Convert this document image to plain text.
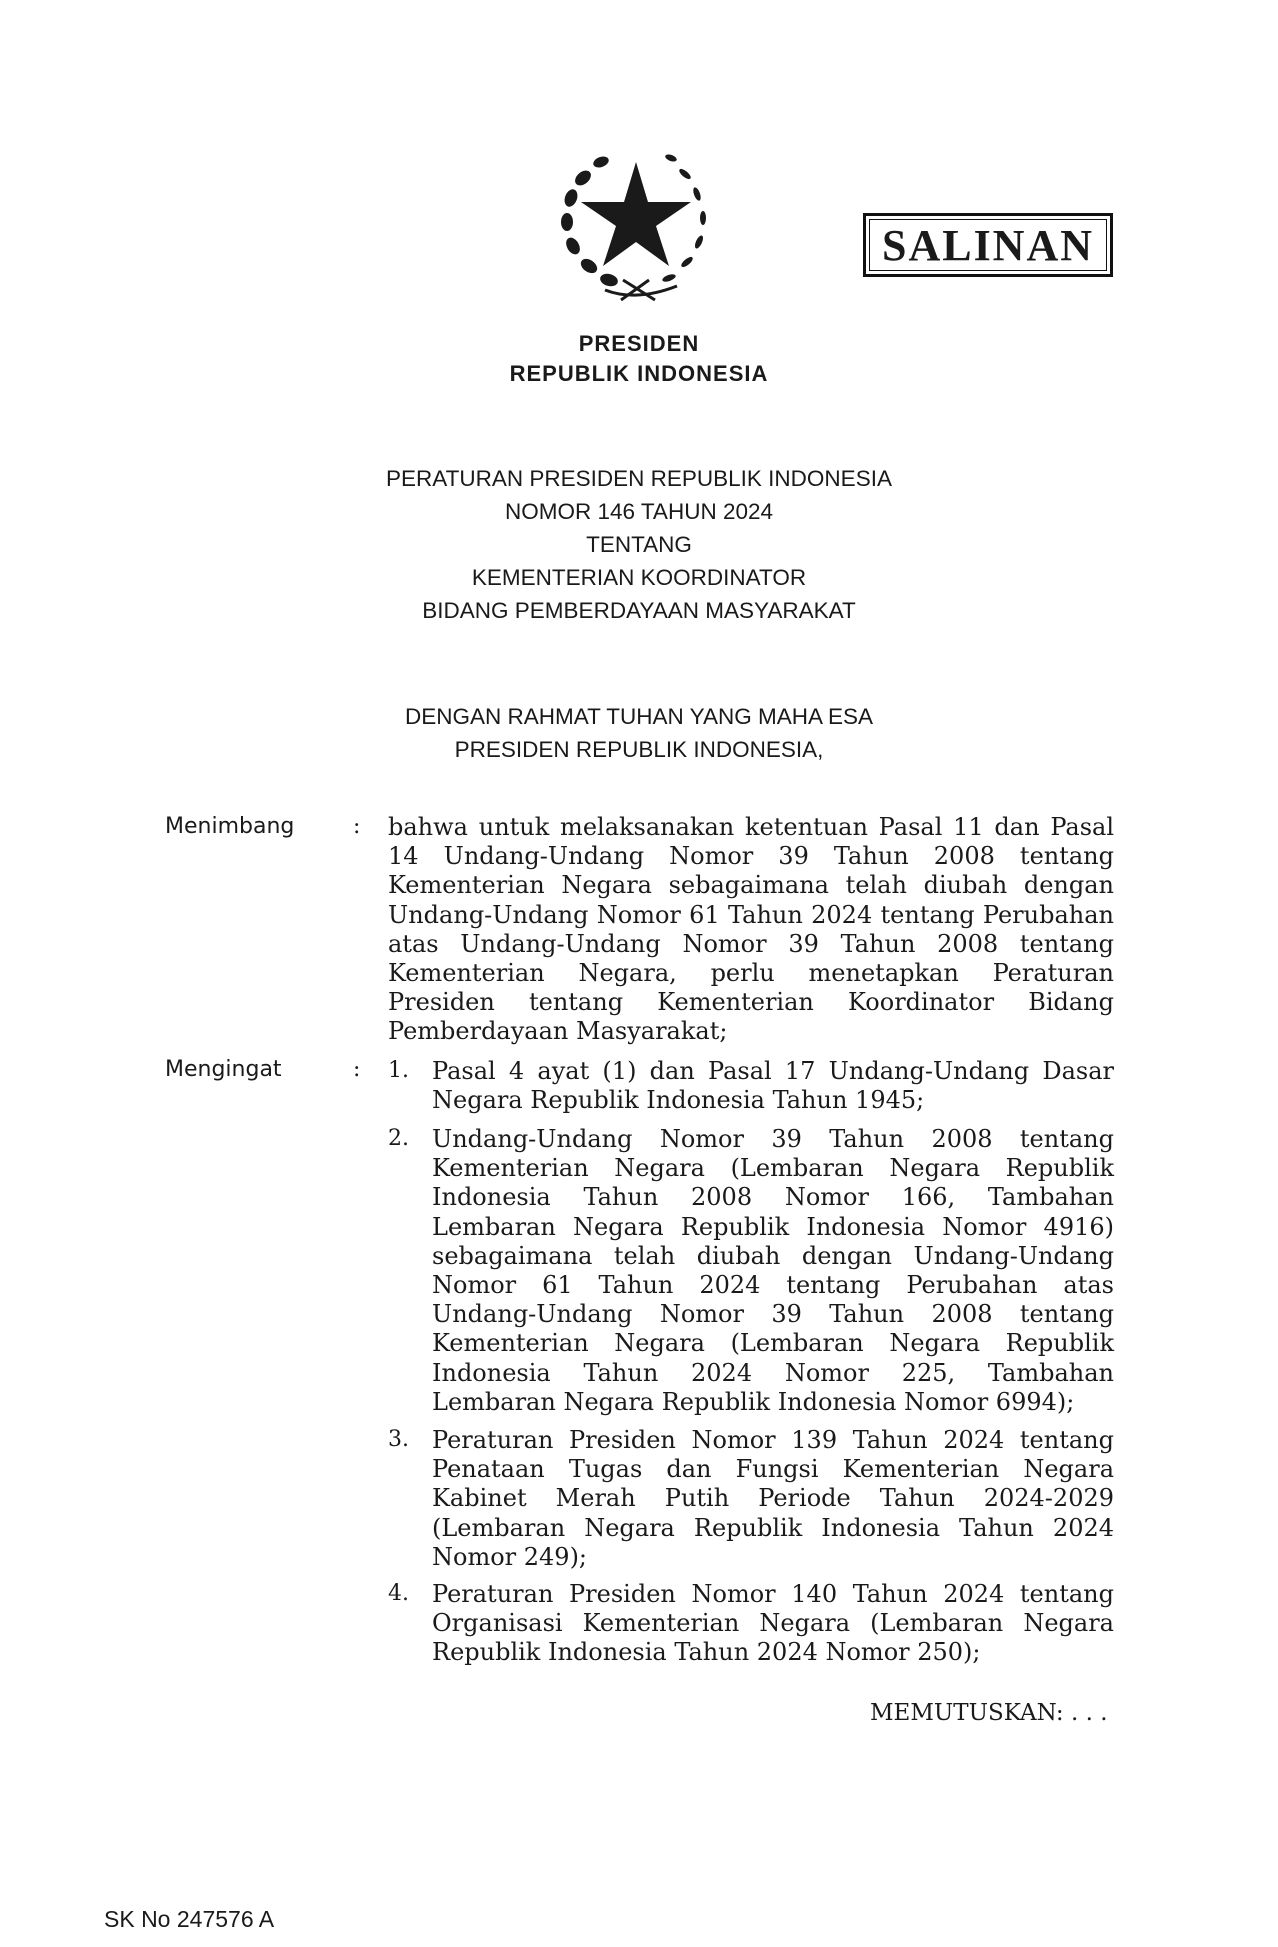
SALINAN
PRESIDEN
REPUBLIK INDONESIA
PERATURAN PRESIDEN REPUBLIK INDONESIA
NOMOR 146 TAHUN 2024
TENTANG
KEMENTERIAN KOORDINATOR
BIDANG PEMBERDAYAAN MASYARAKAT
DENGAN RAHMAT TUHAN YANG MAHA ESA
PRESIDEN REPUBLIK INDONESIA,
Menimbang	: bahwa untuk melaksanakan ketentuan Pasal 11 dan Pasal 14 Undang-Undang Nomor 39 Tahun 2008 tentang Kementerian Negara sebagaimana telah diubah dengan Undang-Undang Nomor 61 Tahun 2024 tentang Perubahan atas Undang-Undang Nomor 39 Tahun 2008 tentang Kementerian Negara, perlu menetapkan Peraturan Presiden tentang Kementerian Koordinator Bidang Pemberdayaan Masyarakat;
Mengingat	: 1. Pasal 4 ayat (1) dan Pasal 17 Undang-Undang Dasar Negara Republik Indonesia Tahun 1945;
2. Undang-Undang Nomor 39 Tahun 2008 tentang Kementerian Negara (Lembaran Negara Republik Indonesia Tahun 2008 Nomor 166, Tambahan Lembaran Negara Republik Indonesia Nomor 4916) sebagaimana telah diubah dengan Undang-Undang Nomor 61 Tahun 2024 tentang Perubahan atas Undang-Undang Nomor 39 Tahun 2008 tentang Kementerian Negara (Lembaran Negara Republik Indonesia Tahun 2024 Nomor 225, Tambahan Lembaran Negara Republik Indonesia Nomor 6994);
3. Peraturan Presiden Nomor 139 Tahun 2024 tentang Penataan Tugas dan Fungsi Kementerian Negara Kabinet Merah Putih Periode Tahun 2024-2029 (Lembaran Negara Republik Indonesia Tahun 2024 Nomor 249);
4. Peraturan Presiden Nomor 140 Tahun 2024 tentang Organisasi Kementerian Negara (Lembaran Negara Republik Indonesia Tahun 2024 Nomor 250);
MEMUTUSKAN: . . .
SK No 247576 A
